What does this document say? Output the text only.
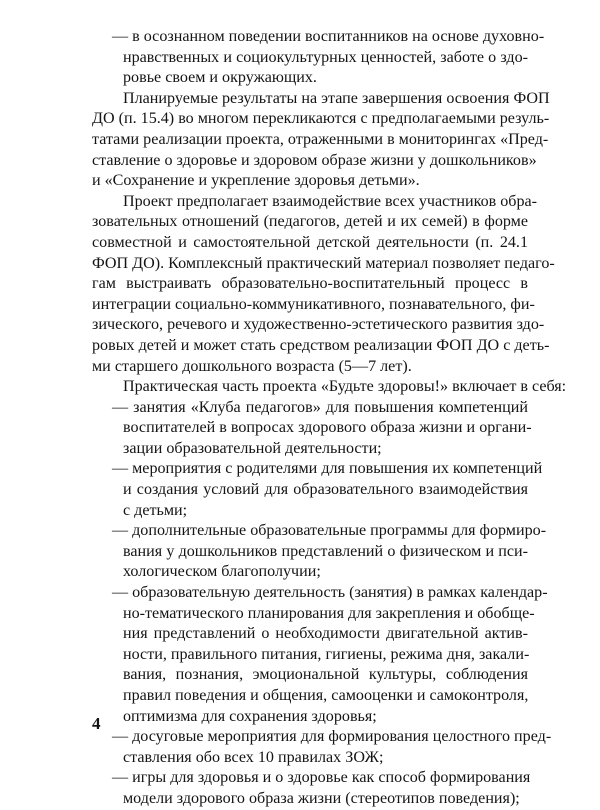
— в осознанном поведении воспитанников на основе духовно-
нравственных и социокультурных ценностей, заботе о здо-
ровье своем и окружающих.
Планируемые результаты на этапе завершения освоения ФОП
ДО (п. 15.4) во многом перекликаются с предполагаемыми резуль-
татами реализации проекта, отраженными в мониторингах «Пред-
ставление о здоровье и здоровом образе жизни у дошкольников»
и «Сохранение и укрепление здоровья детьми».
Проект предполагает взаимодействие всех участников обра-
зовательных отношений (педагогов, детей и их семей) в форме
совместной и самостоятельной детской деятельности (п. 24.1
ФОП ДО). Комплексный практический материал позволяет педаго-
гам выстраивать образовательно-воспитательный процесс в
интеграции социально-коммуникативного, познавательного, фи-
зического, речевого и художественно-эстетического развития здо-
ровых детей и может стать средством реализации ФОП ДО с деть-
ми старшего дошкольного возраста (5—7 лет).
Практическая часть проекта «Будьте здоровы!» включает в себя:
— занятия «Клуба педагогов» для повышения компетенций
воспитателей в вопросах здорового образа жизни и органи-
зации образовательной деятельности;
— мероприятия с родителями для повышения их компетенций
и создания условий для образовательного взаимодействия
с детьми;
— дополнительные образовательные программы для формиро-
вания у дошкольников представлений о физическом и пси-
хологическом благополучии;
— образовательную деятельность (занятия) в рамках календар-
но-тематического планирования для закрепления и обобще-
ния представлений о необходимости двигательной актив-
ности, правильного питания, гигиены, режима дня, закали-
вания, познания, эмоциональной культуры, соблюдения
правил поведения и общения, самооценки и самоконтроля,
оптимизма для сохранения здоровья;
— досуговые мероприятия для формирования целостного пред-
ставления обо всех 10 правилах ЗОЖ;
— игры для здоровья и о здоровье как способ формирования
модели здорового образа жизни (стереотипов поведения);
4
